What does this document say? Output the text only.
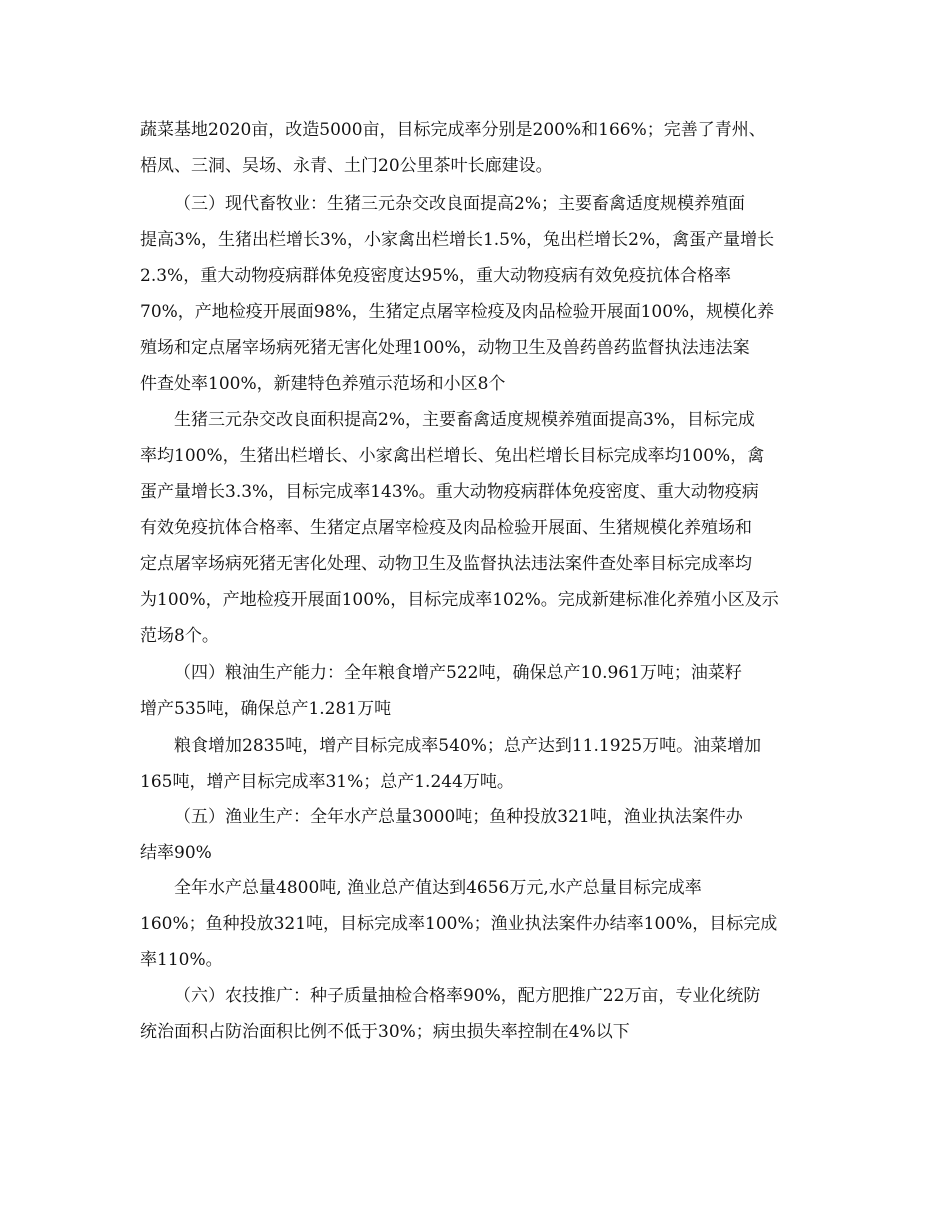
蔬菜基地2020亩，改造5000亩，目标完成率分别是200%和166%；完善了青州、
梧凤、三洞、吴场、永青、土门20公里茶叶长廊建设。
（三）现代畜牧业：生猪三元杂交改良面提高2%；主要畜禽适度规模养殖面
提高3%，生猪出栏增长3%，小家禽出栏增长1.5%，兔出栏增长2%，禽蛋产量增长
2.3%，重大动物疫病群体免疫密度达95%，重大动物疫病有效免疫抗体合格率
70%，产地检疫开展面98%，生猪定点屠宰检疫及肉品检验开展面100%，规模化养
殖场和定点屠宰场病死猪无害化处理100%，动物卫生及兽药兽药监督执法违法案
件查处率100%，新建特色养殖示范场和小区8个
生猪三元杂交改良面积提高2%，主要畜禽适度规模养殖面提高3%，目标完成
率均100%，生猪出栏增长、小家禽出栏增长、兔出栏增长目标完成率均100%，禽
蛋产量增长3.3%，目标完成率143%。重大动物疫病群体免疫密度、重大动物疫病
有效免疫抗体合格率、生猪定点屠宰检疫及肉品检验开展面、生猪规模化养殖场和
定点屠宰场病死猪无害化处理、动物卫生及监督执法违法案件查处率目标完成率均
为100%，产地检疫开展面100%，目标完成率102%。完成新建标准化养殖小区及示
范场8个。
（四）粮油生产能力：全年粮食增产522吨，确保总产10.961万吨；油菜籽
增产535吨，确保总产1.281万吨
粮食增加2835吨，增产目标完成率540%；总产达到11.1925万吨。油菜增加
165吨，增产目标完成率31%；总产1.244万吨。
（五）渔业生产：全年水产总量3000吨；鱼种投放321吨，渔业执法案件办
结率90%
全年水产总量4800吨, 渔业总产值达到4656万元,水产总量目标完成率
160%；鱼种投放321吨，目标完成率100%；渔业执法案件办结率100%，目标完成
率110%。
（六）农技推广：种子质量抽检合格率90%，配方肥推广22万亩，专业化统防
统治面积占防治面积比例不低于30%；病虫损失率控制在4%以下
